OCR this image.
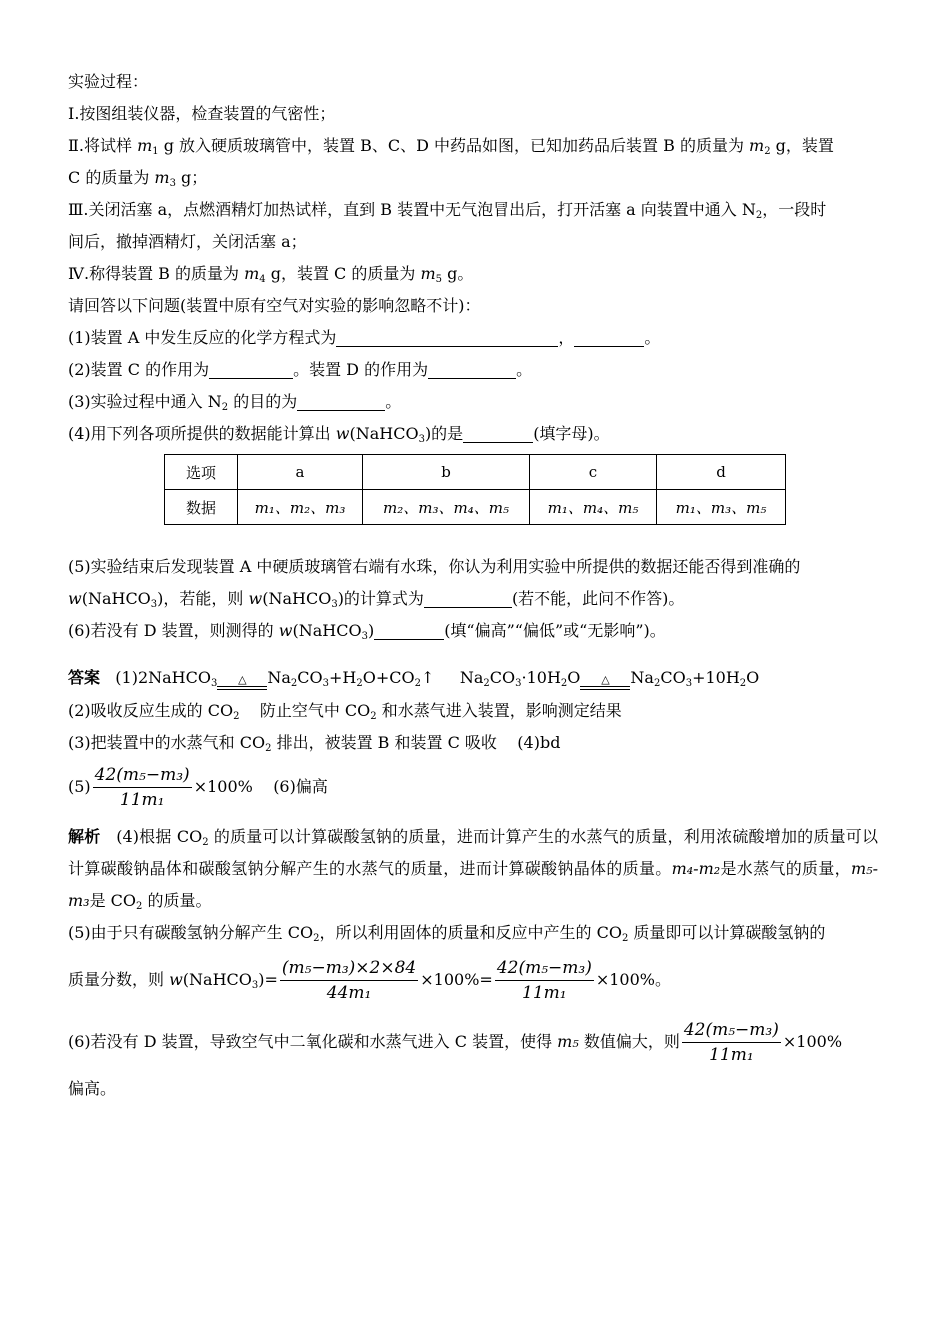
实验过程：
Ⅰ.按图组装仪器，检查装置的气密性；
Ⅱ.将试样 $m_1$ g 放入硬质玻璃管中，装置 B、C、D 中药品如图，已知加药品后装置 B 的质量为 $m_2$ g，装置
C 的质量为 $m_3$ g；
Ⅲ.关闭活塞 a，点燃酒精灯加热试样，直到 B 装置中无气泡冒出后，打开活塞 a 向装置中通入 $N_2$，一段时
间后，撤掉酒精灯，关闭活塞 a；
Ⅳ.称得装置 B 的质量为 $m_4$ g，装置 C 的质量为 $m_5$ g。
请回答以下问题(装置中原有空气对实验的影响忽略不计)：
(1)装置 A 中发生反应的化学方程式为	，	。
(2)装置 C 的作用为	。装置 D 的作用为	。
(3)实验过程中通入 $N_2$ 的目的为	。
(4)用下列各项所提供的数据能计算出 w(NaHCO$_3$)的是	(填字母)。
选项	a	b	c	d
数据	m₁、m₂、m₃	m₂、m₃、m₄、m₅	m₁、m₄、m₅	m₁、m₃、m₅
(5)实验结束后发现装置 A 中硬质玻璃管右端有水珠，你认为利用实验中所提供的数据还能否得到准确的
w(NaHCO$_3$)，若能，则 w(NaHCO$_3$)的计算式为	(若不能，此问不作答)。
(6)若没有 D 装置，则测得的 w(NaHCO$_3$)	(填“偏高”“偏低”或“无影响”)。
答案 (1)2NaHCO$_3$	△	$Na_2CO_3+H_2O+CO_2↑$ $Na_2CO_3\cdot 10H_2O$	△	$Na_2CO_3+10H_2O$
(2)吸收反应生成的 $CO_2$ 防止空气中 $CO_2$ 和水蒸气进入装置，影响测定结果
(3)把装置中的水蒸气和 $CO_2$ 排出，被装置 B 和装置 C 吸收 (4)bd
$(5) \frac{\text{42(m₅−m₃)}}{\text{11m₁}} \times 100\%$ (6)偏高
解析 (4)根据 $CO_2$ 的质量可以计算碳酸氢钠的质量，进而计算产生的水蒸气的质量，利用浓硫酸增加的质量可以计算碳酸钠晶体和碳酸氢钠分解产生的水蒸气的质量，进而计算碳酸钠晶体的质量。m₄-m₂是水蒸气的质量，m₅-m₃是 $CO_2$ 的质量。
(5)由于只有碳酸氢钠分解产生 $CO_2$，所以利用固体的质量和反应中产生的 $CO_2$ 质量即可以计算碳酸氢钠的
质量分数，则 w(NaHCO$_3$)= $\frac{\text{(m₅−m₃)×2×84}}{\text{44m₁}} \times 100\%= \frac{\text{42(m₅−m₃)}}{\text{11m₁}} \times 100\%$。
(6)若没有 D 装置，导致空气中二氧化碳和水蒸气进入 C 装置，使得 m₅ 数值偏大，则 $\frac{\text{42(m₅−m₃)}}{\text{11m₁}} \times 100\%$
偏高。
